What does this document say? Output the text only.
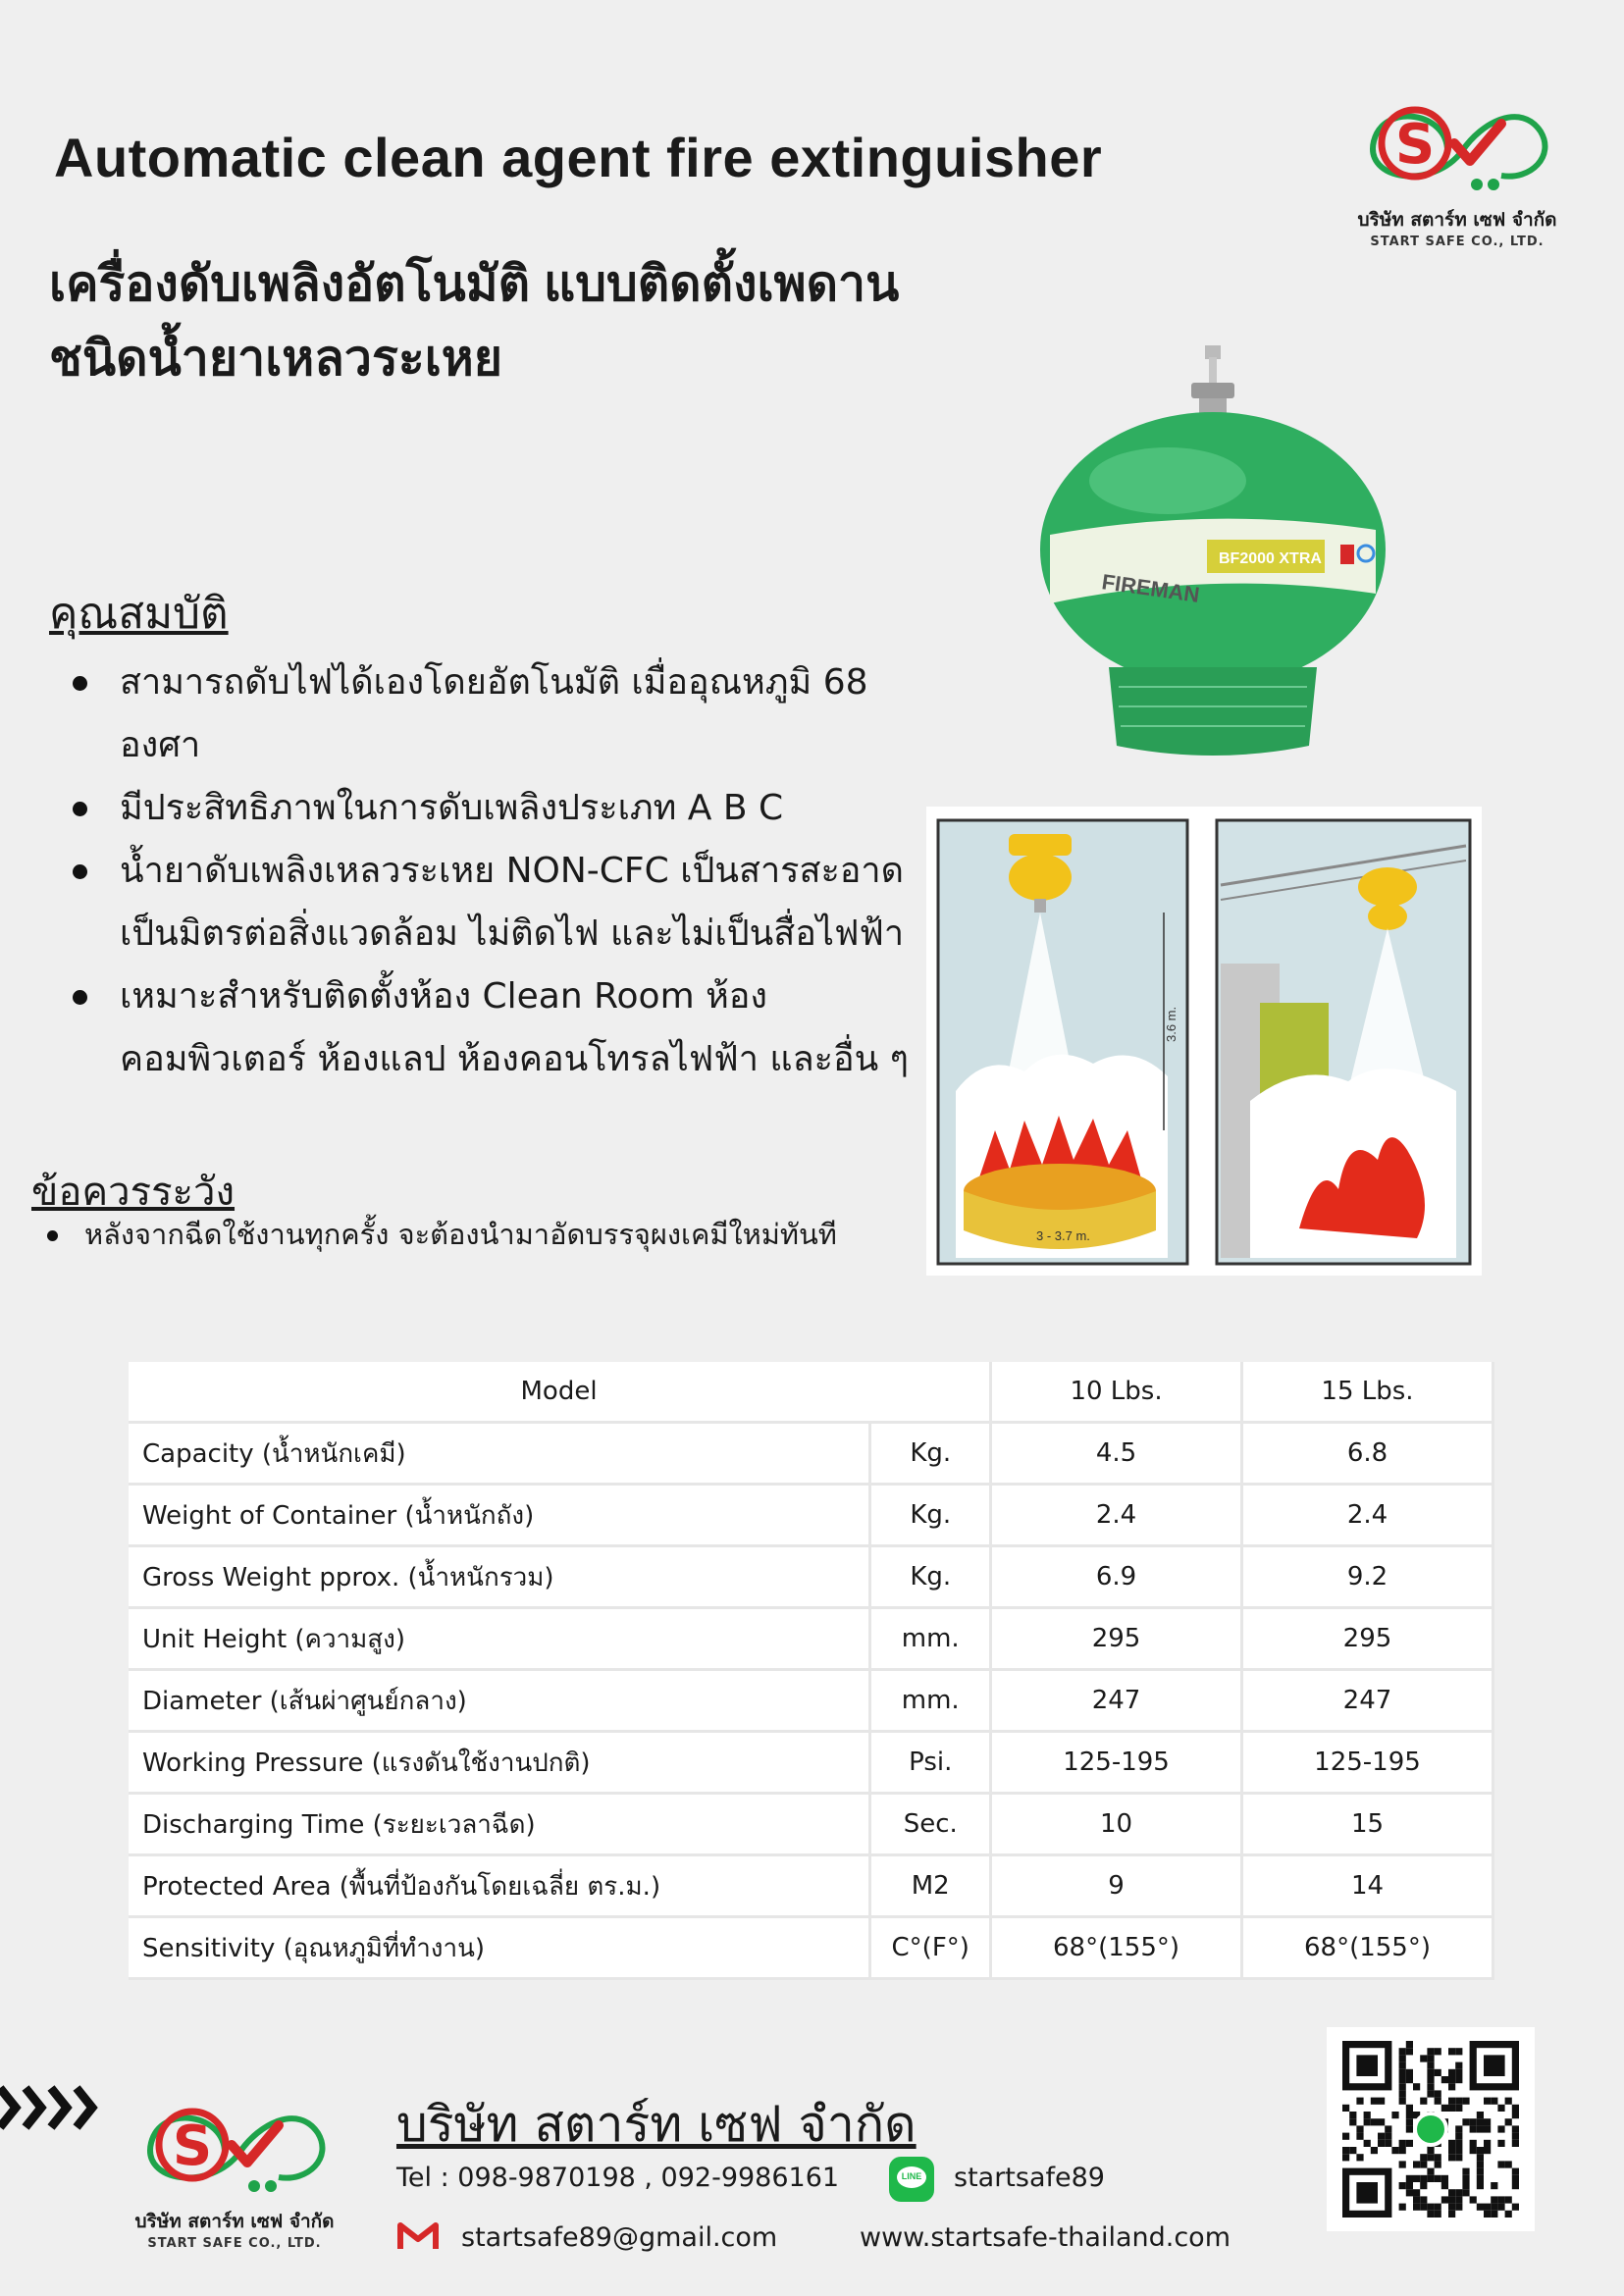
Automatic clean agent fire extinguisher
เครื่องดับเพลิงอัตโนมัติ แบบติดตั้งเพดาน
ชนิดน้ำยาเหลวระเหย
S
บริษัท สตาร์ท เซฟ จำกัด
START SAFE CO., LTD.
FIREMAN
BF2000 XTRA
คุณสมบัติ
สามารถดับไฟได้เองโดยอัตโนมัติ เมื่ออุณหภูมิ 68 องศา
มีประสิทธิภาพในการดับเพลิงประเภท A B C
น้ำยาดับเพลิงเหลวระเหย NON-CFC เป็นสารสะอาด เป็นมิตรต่อสิ่งแวดล้อม ไม่ติดไฟ และไม่เป็นสื่อไฟฟ้า
เหมาะสำหรับติดตั้งห้อง Clean Room ห้อง คอมพิวเตอร์ ห้องแลป ห้องคอนโทรลไฟฟ้า และอื่น ๆ
3.6 m.
3 - 3.7 m.
ข้อควรระวัง
หลังจากฉีดใช้งานทุกครั้ง จะต้องนำมาอัดบรรจุผงเคมีใหม่ทันที
Model		10 Lbs.	15 Lbs.
Capacity (น้ำหนักเคมี)	Kg.	4.5	6.8
Weight of Container (น้ำหนักถัง)	Kg.	2.4	2.4
Gross Weight pprox. (น้ำหนักรวม)	Kg.	6.9	9.2
Unit Height (ความสูง)	mm.	295	295
Diameter (เส้นผ่าศูนย์กลาง)	mm.	247	247
Working Pressure (แรงดันใช้งานปกติ)	Psi.	125-195	125-195
Discharging Time (ระยะเวลาฉีด)	Sec.	10	15
Protected Area (พื้นที่ป้องกันโดยเฉลี่ย ตร.ม.)	M2	9	14
Sensitivity (อุณหภูมิที่ทำงาน)	C°(F°)	68°(155°)	68°(155°)
S
บริษัท สตาร์ท เซฟ จำกัด
START SAFE CO., LTD.
บริษัท สตาร์ท เซฟ จำกัด
Tel : 098-9870198 , 092-9986161	LINE	startsafe89
startsafe89@gmail.com	www.startsafe-thailand.com
